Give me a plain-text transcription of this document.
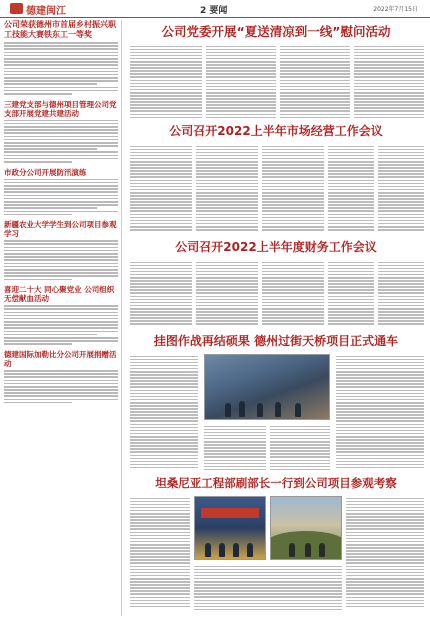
德建闽江	2 要闻	2022年7月15日
公司荣获德州市首届乡村振兴职工技能大赛铁东工一等奖
三建党支部与德州项目管理公司党支部开展党建共建活动
市政分公司开展防汛演练
新疆农业大学学生到公司项目参观学习
喜迎二十大 同心聚党业 公司组织无偿献血活动
德建国际加勒比分公司开展捐赠活动
公司党委开展“夏送清凉到一线”慰问活动
公司召开2022上半年市场经营工作会议
公司召开2022上半年度财务工作会议
挂图作战再结硕果 德州过街天桥项目正式通车
坦桑尼亚工程部刷部长一行到公司项目参观考察
